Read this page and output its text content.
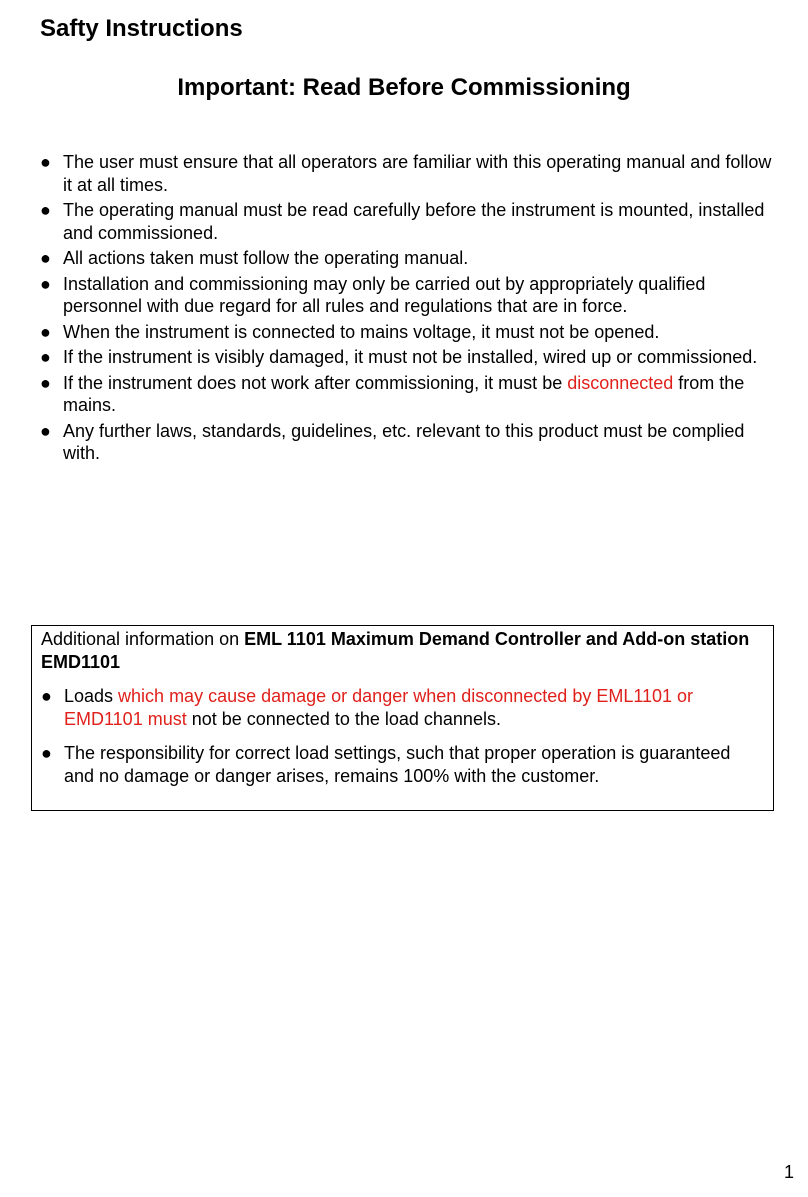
Safty Instructions
Important: Read Before Commissioning
● The user must ensure that all operators are familiar with this operating manual and follow it at all times.
● The operating manual must be read carefully before the instrument is mounted, installed and commissioned.
● All actions taken must follow the operating manual.
● Installation and commissioning may only be carried out by appropriately qualified personnel with due regard for all rules and regulations that are in force.
● When the instrument is connected to mains voltage, it must not be opened.
● If the instrument is visibly damaged, it must not be installed, wired up or commissioned.
● If the instrument does not work after commissioning, it must be disconnected from the mains.
● Any further laws, standards, guidelines, etc. relevant to this product must be complied with.

Additional information on EML 1101 Maximum Demand Controller and Add-on station EMD1101

● Loads which may cause damage or danger when disconnected by EML1101 or EMD1101 must not be connected to the load channels.
● The responsibility for correct load settings, such that proper operation is guaranteed and no damage or danger arises, remains 100% with the customer.
1
